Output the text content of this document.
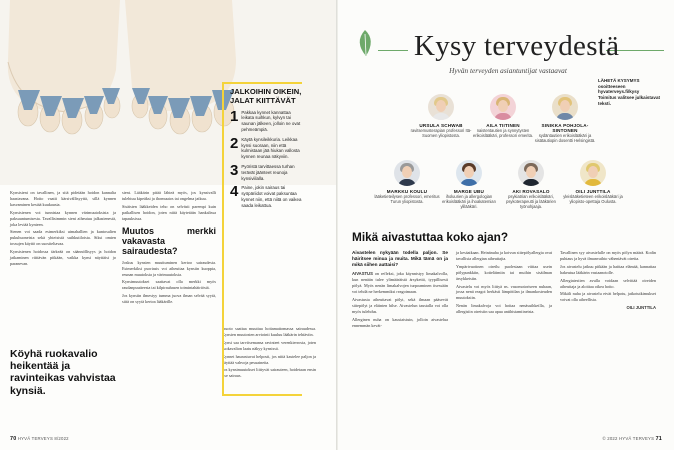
Kynsisieni on tavallinen, ja sitä pidetään hoidon kannalta haastavana. Hoito vaatii kärsivällisyyttä, sillä kynnen kasvaminen kestää kuukausia.

Kynsisienen voi tunnistaa kynnen värimuutoksista ja paksuuntumisesta. Tavallisimmin sieni aiheutuu jalkasienestä, joka leviää kynteen.

Sienen voi saada esimerkiksi uimahallien ja kuntosalien pukuhuoneista sekä yhteisistä suihkutiloista. Siksi omien tossujen käyttö on suositeltavaa.

Kynsisienen hoidossa tärkeää on säännöllisyys ja hoidon jatkaminen riittävän pitkään, vaikka kynsi näyttäisi jo paranevan.

Köyhä ruokavalio heikentää ja ravinteikas vahvistaa kynsiä.

sient. Lääkärin pitää lähteä myös, jos kynsivalli tulehtuu kipeäksi ja ihomuutos tai ongelma jatkuu.

Sisäisten lääkkeiden teho on selvästi parempi kuin paikallisen hoidon, joten niitä käytetään hankalissa tapauksissa.

Muutos merkki vakavasta sairaudesta?

Joskus kynsien muuttuminen kertoo sairaudesta. Esimerkiksi psoriasis voi aiheuttaa kynsiin kuoppia, reunan muutoksia ja värimuutoksia.

Kynsimuutokset saattavat olla merkki myös raudanpuutteesta tai kilpirauhasen toimintahäiriöstä.

Jos kynsiin ilmestyy tumma juova ilman selvää syytä, siitä on syytä kertoa lääkärille.

muoto saattaa muuttua hoitamattomassa sairaudessa. Kynsien muutosten arviointi kuuluu lääkärin tehtäviin.

Kynsi saa tarvitsemansa ravinteet verenkierrosta, joten ruokavalion laatu näkyy kynsissä.

Kynnet haurastuvat helposti, jos niitä kastelee paljon ja käyttää vahvoja pesuaineita.

Jos kynsimuutokset liittyvät sairauteen, hoidetaan ensin itse sairaus.

JALKOIHIN OIKEIN, JALAT KIITTÄVÄT
1 Pakkaa kynnet kannattaa leikata suihkun, kylvyn tai saunan jälkeen, jolloin ne ovat pehmeämpiä.
2 Käytä kynsileikkuria. Leikkaa kynsi suoraan, niin että kulmistaan jää hiukan vallosta kynnen reunaa näkyviin.
3 Pyöristä tarvittaessa turhan terävät jäänteet reunoja kynsiviilalla.
4 Paine, jokin sairaus tai syöpäriidot voivat paksuntaa kynnet niin, että niitä on vaikea saada leikattua.
70 HYVÄ TERVEYS 8/2022
Kysy terveydestä
Hyvän terveyden asiantuntijat vastaavat
LÄHETÄ KYSYMYS osoitteeseen hyvaterveys.fi/kysy
Toimitus valitsee julkaistavat teksti.
URSULA SCHWAB
ravitsemusterapian professori Itä-Suomen yliopistosta.
AILA TIITINEN
naistentautien ja synnytysten erikoislääkäri, professori emerita.
SINIKKA POHJOLA-SINTONEN
sydäntautien erikoislääkäri ja sisätautiopin dosentti Helsingistä.
MARKKU KOULU
lääketieteilysen professori, emeritus Turun yliopistosta.
MARGE UBU
iholuurien ja allergologian erikoislääkäri ja ihoakatemian ylilääkäri.
AKI ROVASALO
psykiatrian erikoislääkäri, psykoterapeutti ja lääkärien työnohjaaja.
OILI JUNTTILA
yleislääketieteen erikoislääkäri ja yliopisto-opettaja Oulusta.
Mikä aivastuttaa koko ajan?

Aivastelen nykyään todella paljon. Se häiritsee minua ja muita. Mikä tämä on ja mikä siihen auttaisi?

AIVASTUS on refleksi, joka käynnistyy limakalvolla, kun nenään tulee ylimääräistä ärsykettä, tyypillisesti pölyä. Myös nenän limakalvojen turpoaminen itsessään voi tehdä ne herkemmiksi reagoimaan.

Aivastusta aiheuttavat pölyt, sekä ilmaan pääsevät siitepölyt ja eläinten hilse. Aivastelun taustalla voi olla myös tulehdus.

Allerginen nuha on kausiaistuin, jolloin aivastelua ennemmän kevät-

ja kesäaikaan. Heinänuha ja koivun siitepölyallergia ovat tavallisia allergian aiheuttajia.

Ympärivuotinen oireilu puolestaan viittaa usein pölypunkkiin, kotieläimiin tai muihin sisäilman ärsykkeisiin.

Aivastelu voi myös liittyä ns. vasomotoriseen nuhaan, jossa nenä reagoi herkästi lämpötilan ja ilmankosteuden muutoksiin.

Nenän limakalvoja voi hoitaa nenäsuihkeilla, ja allergisiin oireisiin saa apua antihistamiineista.

Tavallinen syy aivastelulle on myös pölyn määrä. Kodin puhtaus ja hyvä ilmanvaihto vähentävät oireita.

Jos aivastelu jatkuu pitkään ja haittaa elämää, kannattaa hakeutua lääkärin vastaanotolle.

Allergiatestien avulla voidaan selvittää oireiden aiheuttaja ja aloittaa oikea hoito.

Mikäli nuha ja aivastelu eivät helpotu, jatkotutkimukset voivat olla aiheellisia.

OILI JUNTTILA
© 2022 HYVÄ TERVEYS 71
